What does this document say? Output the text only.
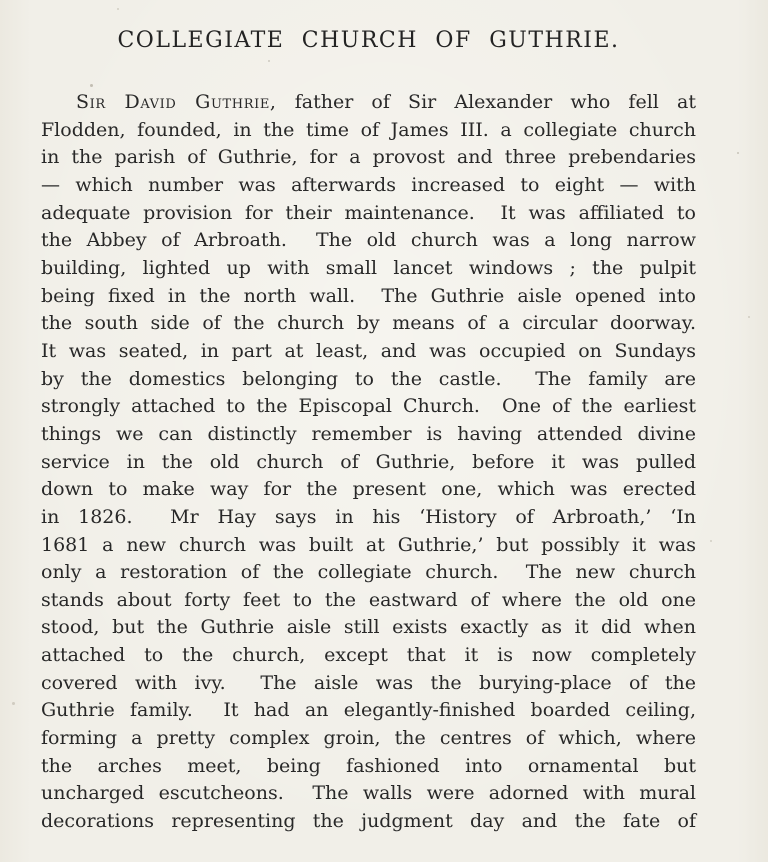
COLLEGIATE CHURCH OF GUTHRIE.
Sir David Guthrie, father of Sir Alexander who fell at
Flodden, founded, in the time of James III. a collegiate church
in the parish of Guthrie, for a provost and three prebendaries
— which number was afterwards increased to eight — with
adequate provision for their maintenance.  It was affiliated to
the Abbey of Arbroath.  The old church was a long narrow
building, lighted up with small lancet windows ; the pulpit
being fixed in the north wall.  The Guthrie aisle opened into
the south side of the church by means of a circular doorway.
It was seated, in part at least, and was occupied on Sundays
by the domestics belonging to the castle.  The family are
strongly attached to the Episcopal Church.  One of the earliest
things we can distinctly remember is having attended divine
service in the old church of Guthrie, before it was pulled
down to make way for the present one, which was erected
in 1826.  Mr Hay says in his ‘History of Arbroath,’ ‘In
1681 a new church was built at Guthrie,’ but possibly it was
only a restoration of the collegiate church.  The new church
stands about forty feet to the eastward of where the old one
stood, but the Guthrie aisle still exists exactly as it did when
attached to the church, except that it is now completely
covered with ivy.  The aisle was the burying-place of the
Guthrie family.  It had an elegantly-finished boarded ceiling,
forming a pretty complex groin, the centres of which, where
the arches meet, being fashioned into ornamental but
uncharged escutcheons.  The walls were adorned with mural
decorations representing the judgment day and the fate of
